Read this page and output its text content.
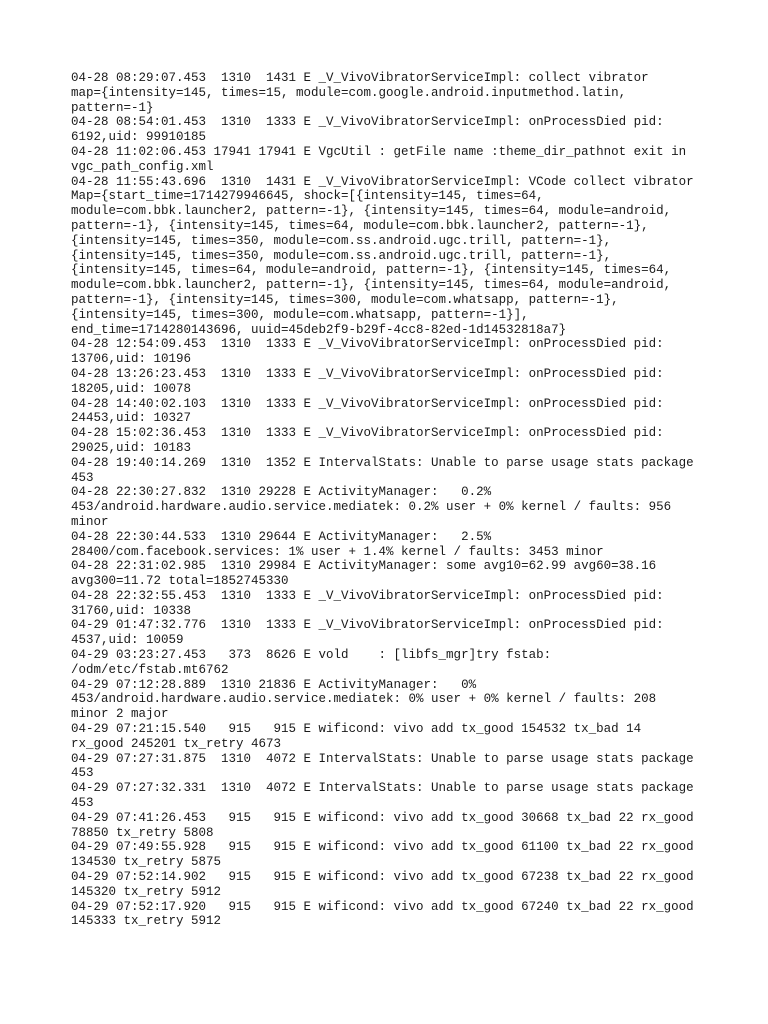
04-28 08:29:07.453  1310  1431 E _V_VivoVibratorServiceImpl: collect vibrator

map={intensity=145, times=15, module=com.google.android.inputmethod.latin,

pattern=-1}

04-28 08:54:01.453  1310  1333 E _V_VivoVibratorServiceImpl: onProcessDied pid:

6192,uid: 99910185

04-28 11:02:06.453 17941 17941 E VgcUtil : getFile name :theme_dir_pathnot exit in

vgc_path_config.xml

04-28 11:55:43.696  1310  1431 E _V_VivoVibratorServiceImpl: VCode collect vibrator

Map={start_time=1714279946645, shock=[{intensity=145, times=64,

module=com.bbk.launcher2, pattern=-1}, {intensity=145, times=64, module=android,

pattern=-1}, {intensity=145, times=64, module=com.bbk.launcher2, pattern=-1},

{intensity=145, times=350, module=com.ss.android.ugc.trill, pattern=-1},

{intensity=145, times=350, module=com.ss.android.ugc.trill, pattern=-1},

{intensity=145, times=64, module=android, pattern=-1}, {intensity=145, times=64,

module=com.bbk.launcher2, pattern=-1}, {intensity=145, times=64, module=android,

pattern=-1}, {intensity=145, times=300, module=com.whatsapp, pattern=-1},

{intensity=145, times=300, module=com.whatsapp, pattern=-1}],

end_time=1714280143696, uuid=45deb2f9-b29f-4cc8-82ed-1d14532818a7}

04-28 12:54:09.453  1310  1333 E _V_VivoVibratorServiceImpl: onProcessDied pid:

13706,uid: 10196

04-28 13:26:23.453  1310  1333 E _V_VivoVibratorServiceImpl: onProcessDied pid:

18205,uid: 10078

04-28 14:40:02.103  1310  1333 E _V_VivoVibratorServiceImpl: onProcessDied pid:

24453,uid: 10327

04-28 15:02:36.453  1310  1333 E _V_VivoVibratorServiceImpl: onProcessDied pid:

29025,uid: 10183

04-28 19:40:14.269  1310  1352 E IntervalStats: Unable to parse usage stats package

453

04-28 22:30:27.832  1310 29228 E ActivityManager:   0.2%

453/android.hardware.audio.service.mediatek: 0.2% user + 0% kernel / faults: 956

minor

04-28 22:30:44.533  1310 29644 E ActivityManager:   2.5%

28400/com.facebook.services: 1% user + 1.4% kernel / faults: 3453 minor

04-28 22:31:02.985  1310 29984 E ActivityManager: some avg10=62.99 avg60=38.16

avg300=11.72 total=1852745330

04-28 22:32:55.453  1310  1333 E _V_VivoVibratorServiceImpl: onProcessDied pid:

31760,uid: 10338

04-29 01:47:32.776  1310  1333 E _V_VivoVibratorServiceImpl: onProcessDied pid:

4537,uid: 10059

04-29 03:23:27.453   373  8626 E vold    : [libfs_mgr]try fstab:

/odm/etc/fstab.mt6762

04-29 07:12:28.889  1310 21836 E ActivityManager:   0%

453/android.hardware.audio.service.mediatek: 0% user + 0% kernel / faults: 208

minor 2 major

04-29 07:21:15.540   915   915 E wificond: vivo add tx_good 154532 tx_bad 14

rx_good 245201 tx_retry 4673

04-29 07:27:31.875  1310  4072 E IntervalStats: Unable to parse usage stats package

453

04-29 07:27:32.331  1310  4072 E IntervalStats: Unable to parse usage stats package

453

04-29 07:41:26.453   915   915 E wificond: vivo add tx_good 30668 tx_bad 22 rx_good

78850 tx_retry 5808

04-29 07:49:55.928   915   915 E wificond: vivo add tx_good 61100 tx_bad 22 rx_good

134530 tx_retry 5875

04-29 07:52:14.902   915   915 E wificond: vivo add tx_good 67238 tx_bad 22 rx_good

145320 tx_retry 5912

04-29 07:52:17.920   915   915 E wificond: vivo add tx_good 67240 tx_bad 22 rx_good

145333 tx_retry 5912
